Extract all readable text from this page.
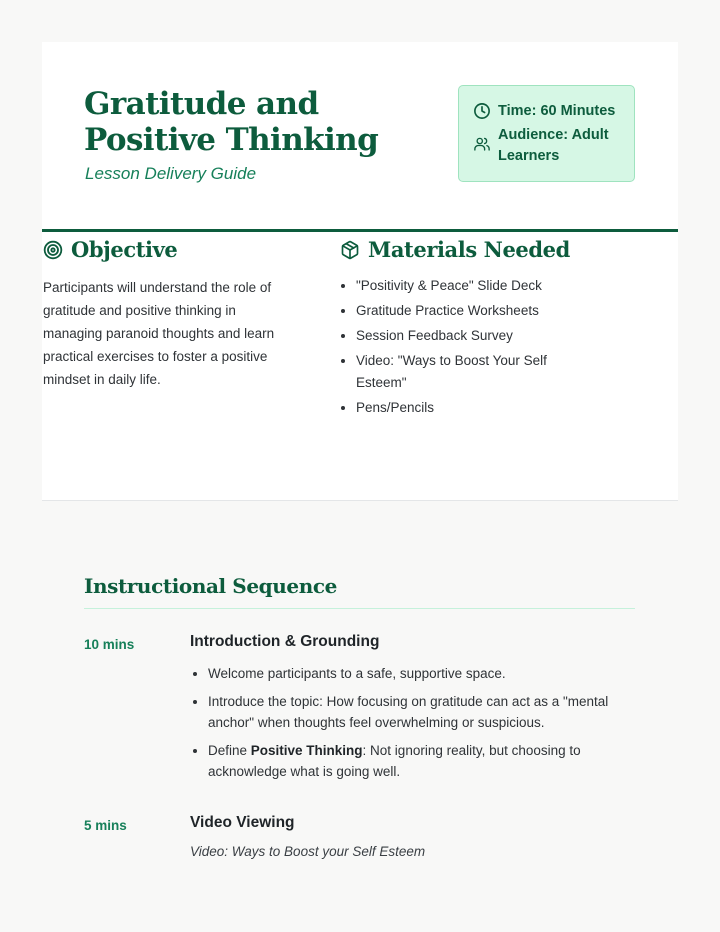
Gratitude and Positive Thinking

Lesson Delivery Guide

Time: 60 Minutes
Audience: Adult Learners
Objective

Participants will understand the role of gratitude and positive thinking in managing paranoid thoughts and learn practical exercises to foster a positive mindset in daily life.

Materials Needed
• "Positivity & Peace" Slide Deck
• Gratitude Practice Worksheets
• Session Feedback Survey
• Video: "Ways to Boost Your Self Esteem"
• Pens/Pencils
Instructional Sequence
10 mins	Introduction & Grounding
• Welcome participants to a safe, supportive space.
• Introduce the topic: How focusing on gratitude can act as a "mental anchor" when thoughts feel overwhelming or suspicious.
• Define Positive Thinking: Not ignoring reality, but choosing to acknowledge what is going well.
5 mins	Video Viewing

Video: Ways to Boost your Self Esteem
